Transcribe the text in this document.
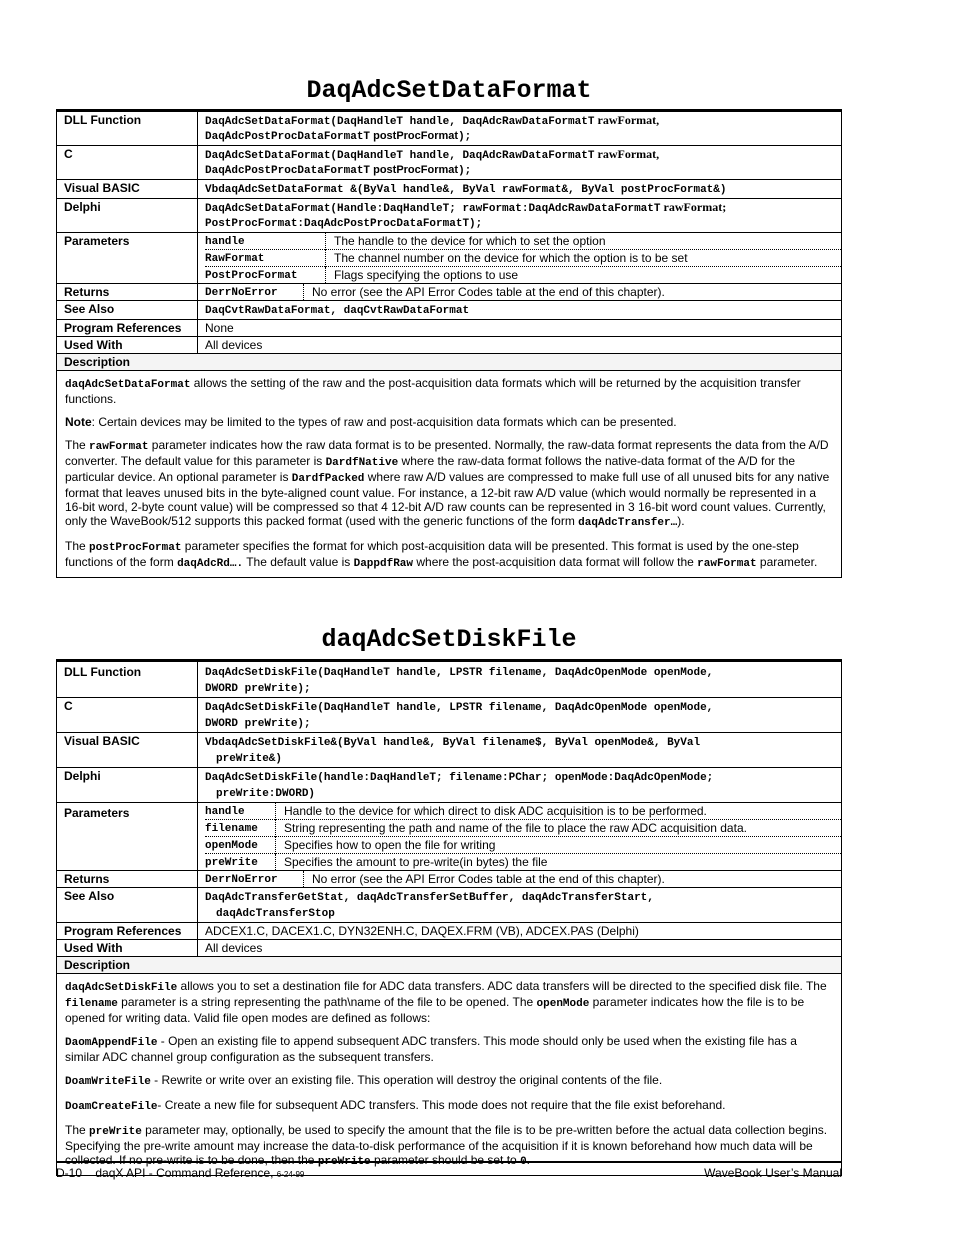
DaqAdcSetDataFormat
DLL Function	DaqAdcSetDataFormat(DaqHandleT handle, DaqAdcRawDataFormatT rawFormat,
DaqAdcPostProcDataFormatT postProcFormat);
C	DaqAdcSetDataFormat(DaqHandleT handle, DaqAdcRawDataFormatT rawFormat,
DaqAdcPostProcDataFormatT postProcFormat);
Visual BASIC	VbdaqAdcSetDataFormat &(ByVal handle&, ByVal rawFormat&, ByVal postProcFormat&)
Delphi	DaqAdcSetDataFormat(Handle:DaqHandleT; rawFormat:DaqAdcRawDataFormatT rawFormat;
PostProcFormat:DaqAdcPostProcDataFormatT);
Parameters		handle	The handle to the device for which to set the option
RawFormat	The channel number on the device for which the option is to be set
PostProcFormat	Flags specifying the options to use

Returns		DerrNoError	No error (see the API Error Codes table at the end of this chapter).

See Also	DaqCvtRawDataFormat, daqCvtRawDataFormat
Program References	None
Used With	All devices
Description

daqAdcSetDataFormat allows the setting of the raw and the post-acquisition data formats which will be returned by the acquisition transfer functions.

Note: Certain devices may be limited to the types of raw and post-acquisition data formats which can be presented.

The rawFormat parameter indicates how the raw data format is to be presented. Normally, the raw-data format represents the data from the A/D converter. The default value for this parameter is DardfNative where the raw-data format follows the native-data format of the A/D for the particular device. An optional parameter is DardfPacked where raw A/D values are compressed to make full use of all unused bits for any native format that leaves unused bits in the byte-aligned count value. For instance, a 12-bit raw A/D value (which would normally be represented in a 16-bit word, 2-byte count value) will be compressed so that 4 12-bit A/D raw counts can be represented in 3 16-bit word count values. Currently, only the WaveBook/512 supports this packed format (used with the generic functions of the form daqAdcTransfer…).

The postProcFormat parameter specifies the format for which post-acquisition data will be presented. This format is used by the one-step functions of the form daqAdcRd…. The default value is DappdfRaw where the post-acquisition data format will follow the rawFormat parameter.

daqAdcSetDiskFile
DLL Function	DaqAdcSetDiskFile(DaqHandleT handle, LPSTR filename, DaqAdcOpenMode openMode,
DWORD preWrite);
C	DaqAdcSetDiskFile(DaqHandleT handle, LPSTR filename, DaqAdcOpenMode openMode,
DWORD preWrite);
Visual BASIC	VbdaqAdcSetDiskFile&(ByVal handle&, ByVal filename$, ByVal openMode&, ByVal
preWrite&)
Delphi	DaqAdcSetDiskFile(handle:DaqHandleT; filename:PChar; openMode:DaqAdcOpenMode;
preWrite:DWORD)
Parameters		handle	Handle to the device for which direct to disk ADC acquisition is to be performed.
filename	String representing the path and name of the file to place the raw ADC acquisition data.
openMode	Specifies how to open the file for writing
preWrite	Specifies the amount to pre-write(in bytes) the file

Returns		DerrNoError	No error (see the API Error Codes table at the end of this chapter).

See Also	DaqAdcTransferGetStat, daqAdcTransferSetBuffer, daqAdcTransferStart,
daqAdcTransferStop
Program References	ADCEX1.C, DACEX1.C, DYN32ENH.C, DAQEX.FRM (VB), ADCEX.PAS (Delphi)
Used With	All devices
Description

daqAdcSetDiskFile allows you to set a destination file for ADC data transfers. ADC data transfers will be directed to the specified disk file. The filename parameter is a string representing the path\name of the file to be opened. The openMode parameter indicates how the file is to be opened for writing data. Valid file open modes are defined as follows:

DaomAppendFile - Open an existing file to append subsequent ADC transfers. This mode should only be used when the existing file has a similar ADC channel group configuration as the subsequent transfers.

DoamWriteFile - Rewrite or write over an existing file. This operation will destroy the original contents of the file.

DoamCreateFile- Create a new file for subsequent ADC transfers. This mode does not require that the file exist beforehand.

The preWrite parameter may, optionally, be used to specify the amount that the file is to be pre-written before the actual data collection begins. Specifying the pre-write amount may increase the data-to-disk performance of the acquisition if it is known beforehand how much data will be collected. If no pre-write is to be done, then the preWrite parameter should be set to 0.

D-10 daqX API - Command Reference, 6-24-99	WaveBook User’s Manual
